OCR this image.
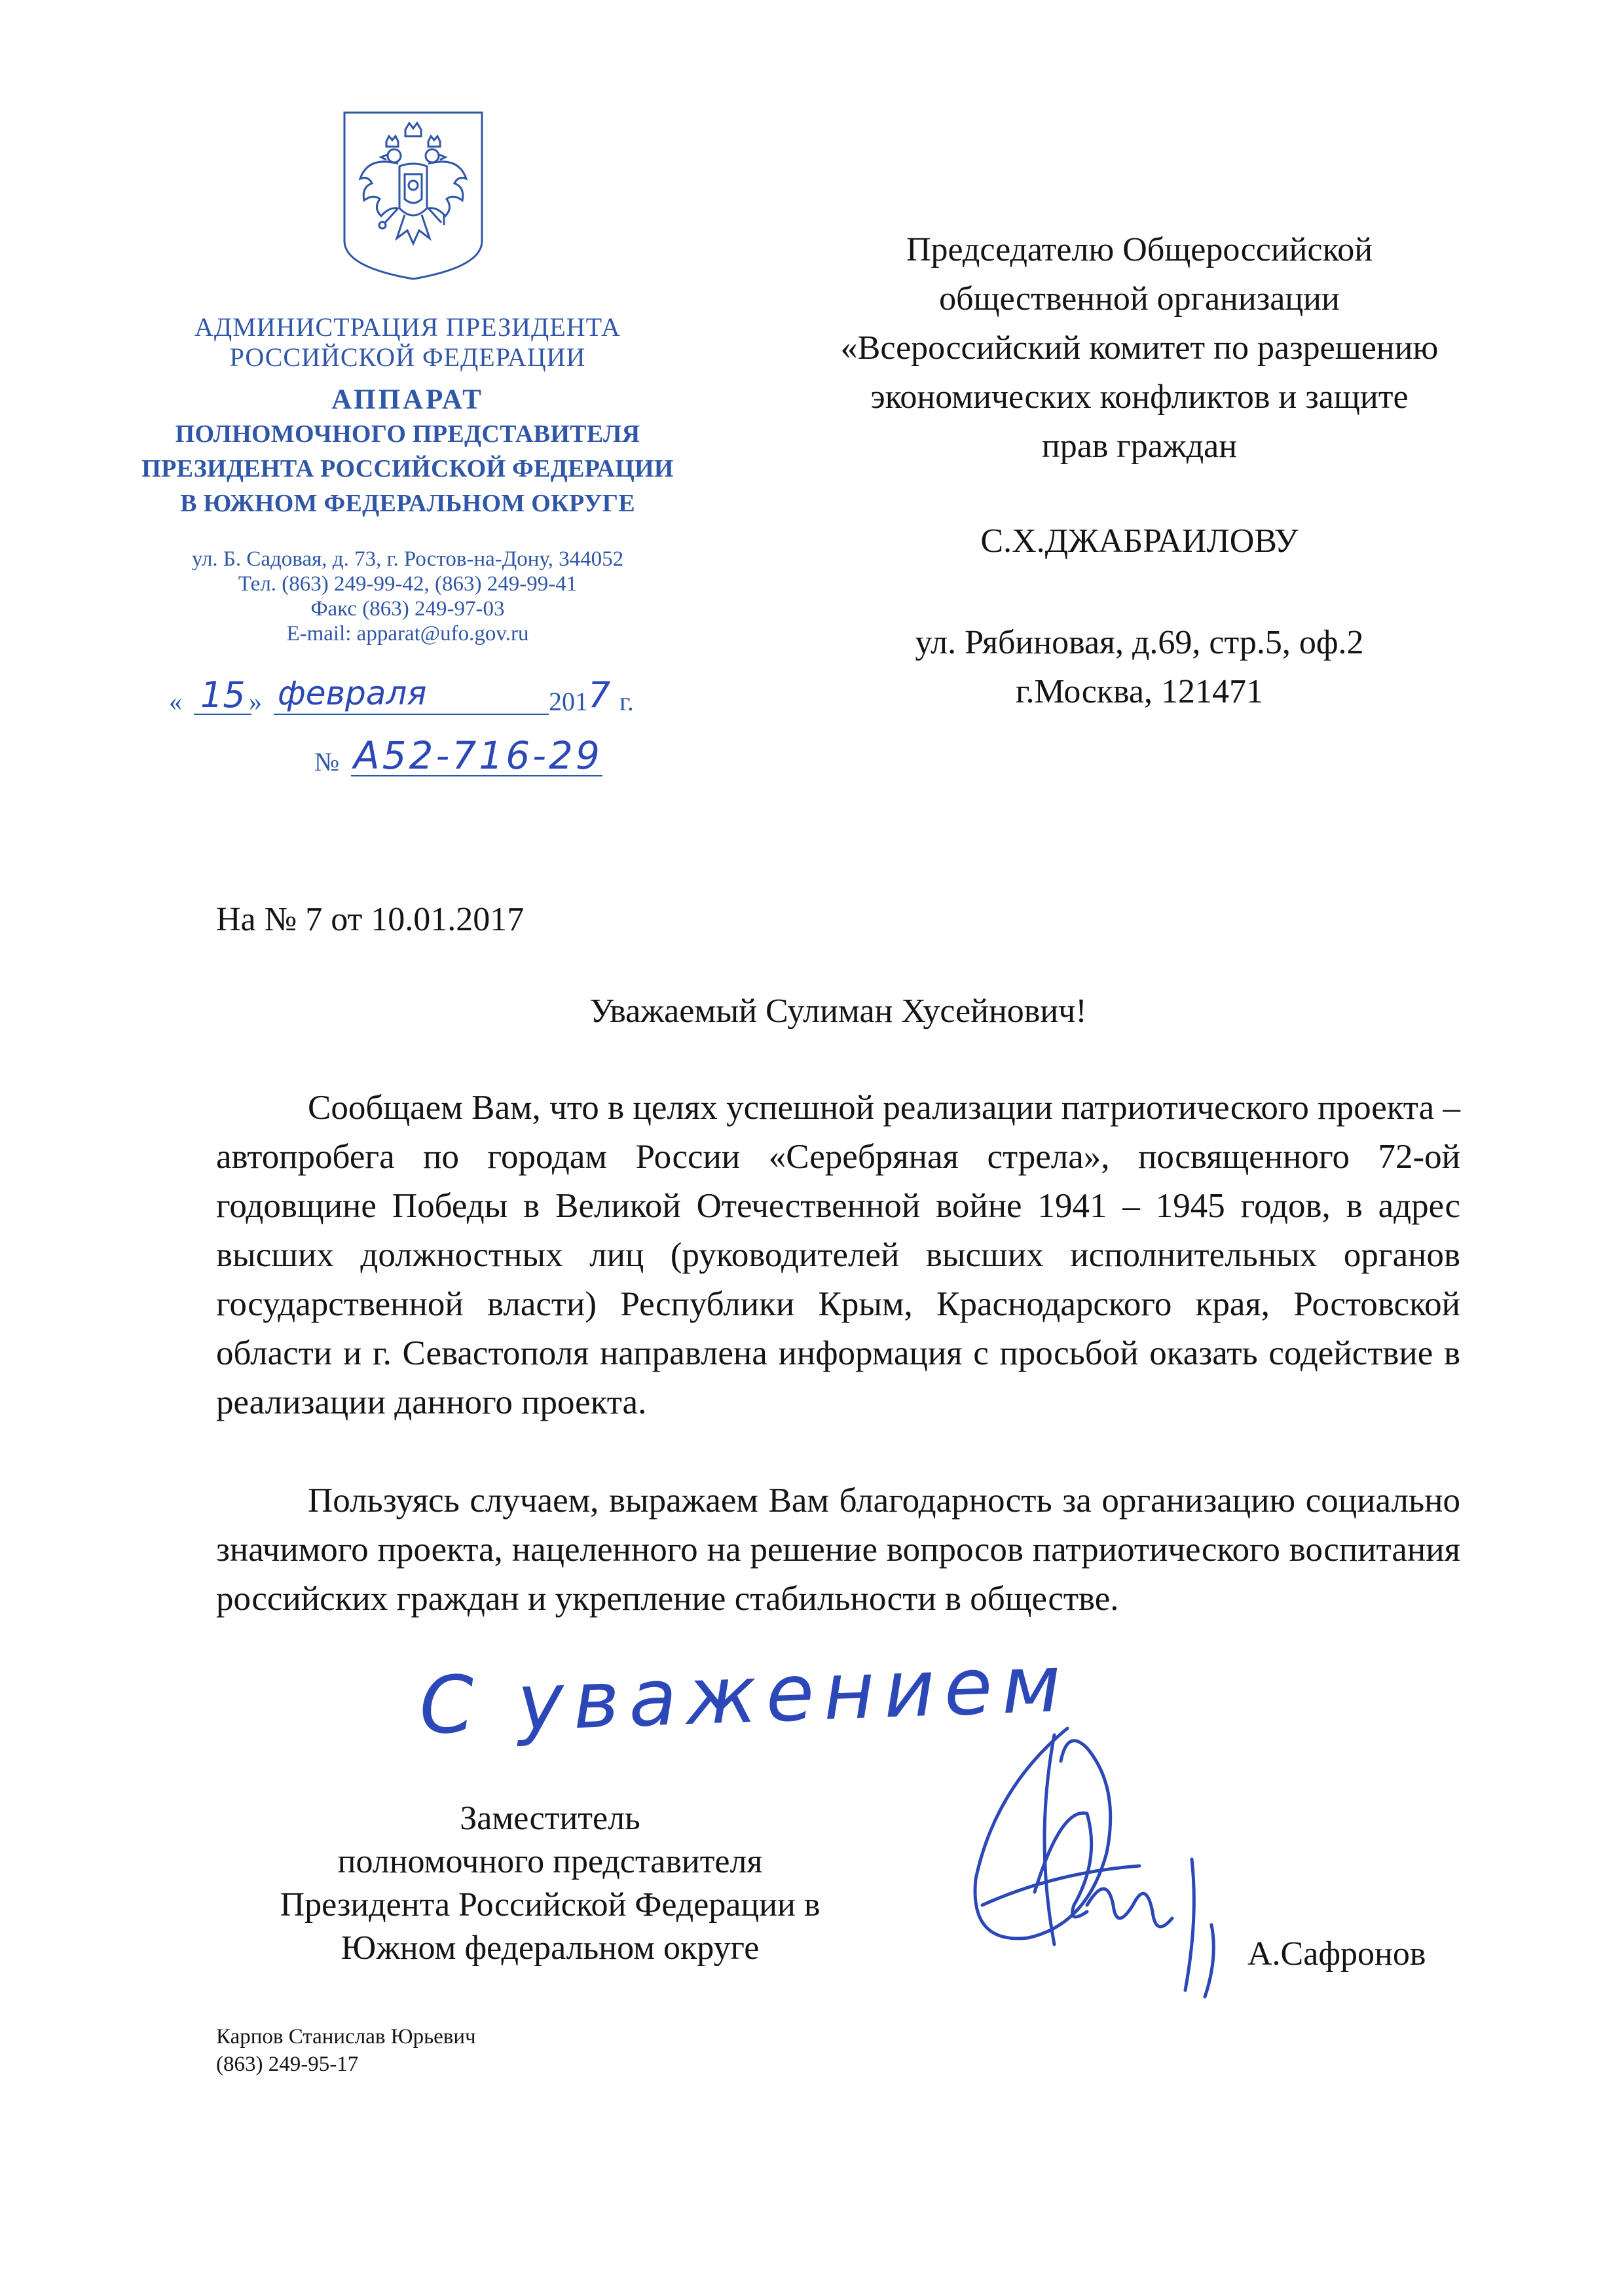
АДМИНИСТРАЦИЯ ПРЕЗИДЕНТА
РОССИЙСКОЙ ФЕДЕРАЦИИ
АППАРАТ
ПОЛНОМОЧНОГО ПРЕДСТАВИТЕЛЯ
ПРЕЗИДЕНТА РОССИЙСКОЙ ФЕДЕРАЦИИ
В ЮЖНОМ ФЕДЕРАЛЬНОМ ОКРУГЕ
ул. Б. Садовая, д. 73, г. Ростов-на-Дону, 344052
Тел. (863) 249-99-42, (863) 249-99-41
Факс (863) 249-97-03
E-mail: apparat@ufo.gov.ru
« 15 » февраля	201 7 г.
№ А52-716-29
Председателю Общероссийской
общественной организации
«Всероссийский комитет по разрешению
экономических конфликтов и защите
прав граждан
С.Х.ДЖАБРАИЛОВУ
ул. Рябиновая, д.69, стр.5, оф.2
г.Москва, 121471
На № 7 от 10.01.2017
Уважаемый Сулиман Хусейнович!
Сообщаем Вам, что в целях успешной реализации патриотического проекта – автопробега по городам России «Серебряная стрела», посвященного 72-ой годовщине Победы в Великой Отечественной войне 1941 – 1945 годов, в адрес высших должностных лиц (руководителей высших исполнительных органов государственной власти) Республики Крым, Краснодарского края, Ростовской области и г. Севастополя направлена информация с просьбой оказать содействие в реализации данного проекта.
Пользуясь случаем, выражаем Вам благодарность за организацию социально значимого проекта, нацеленного на решение вопросов патриотического воспитания российских граждан и укрепление стабильности в обществе.
С уважением
Заместитель
полномочного представителя
Президента Российской Федерации в
Южном федеральном округе	А.Сафронов
Карпов Станислав Юрьевич
(863) 249-95-17
